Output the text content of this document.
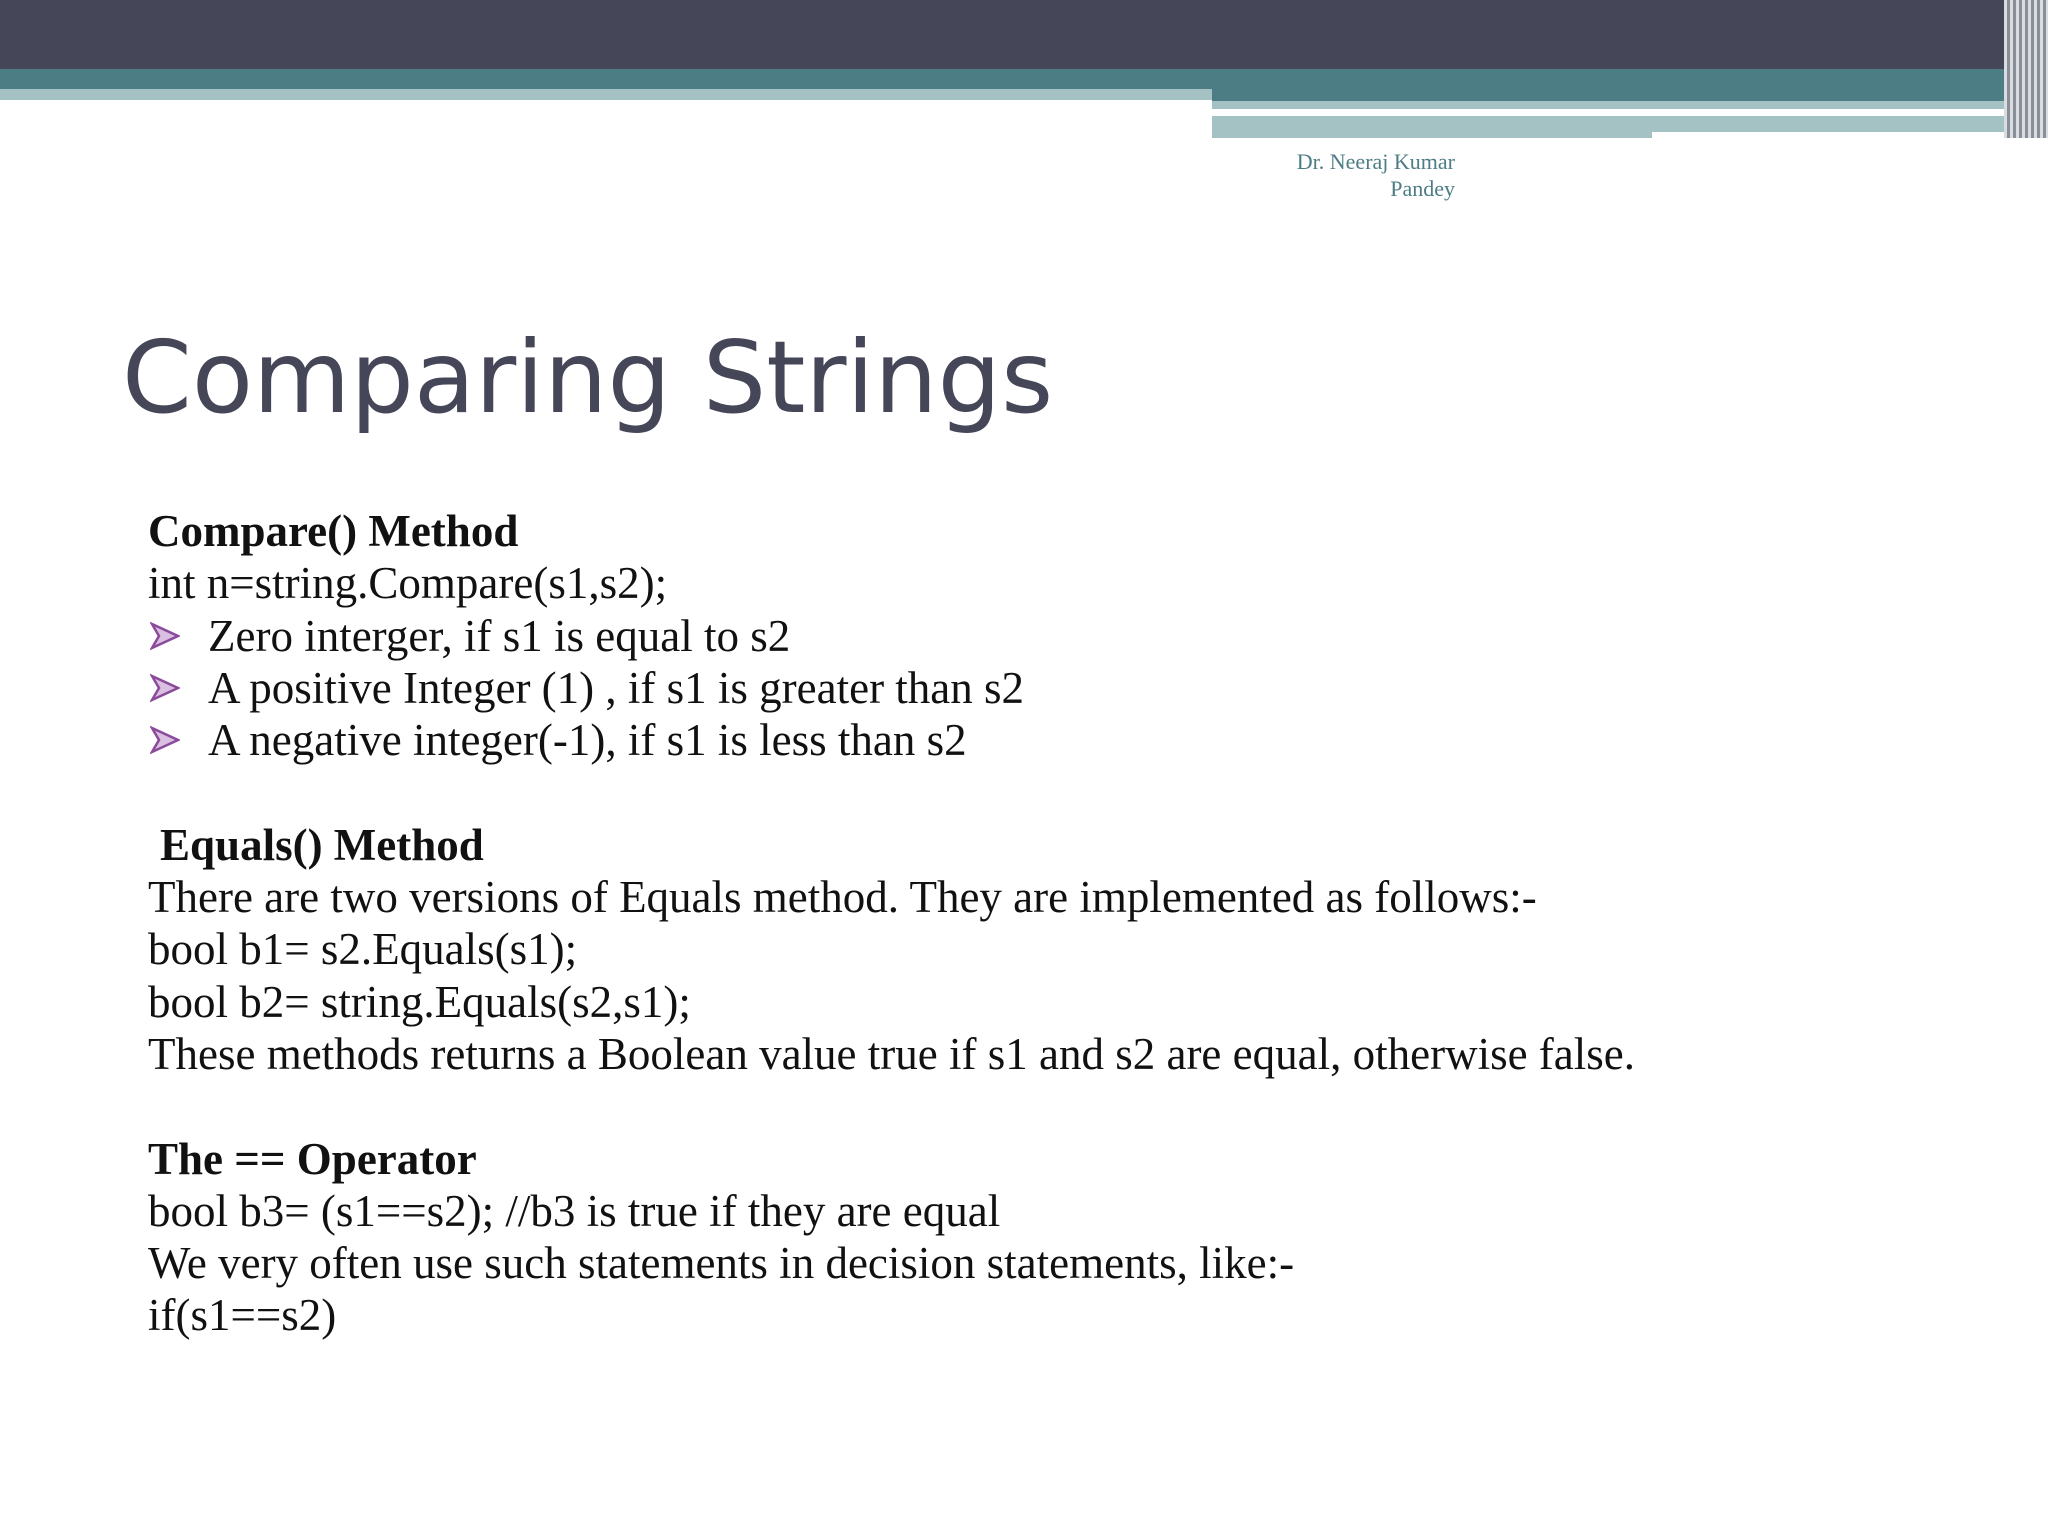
Dr. Neeraj Kumar
Pandey
Comparing Strings
Compare() Method
int n=string.Compare(s1,s2);
Zero interger, if s1 is equal to s2
A positive Integer (1) , if s1 is greater than s2
A negative integer(-1), if s1 is less than s2
Equals() Method
There are two versions of Equals method. They are implemented as follows:-
bool b1= s2.Equals(s1);
bool b2= string.Equals(s2,s1);
These methods returns a Boolean value true if s1 and s2 are equal, otherwise false.
The == Operator
bool b3= (s1==s2); //b3 is true if they are equal
We very often use such statements in decision statements, like:-
if(s1==s2)
